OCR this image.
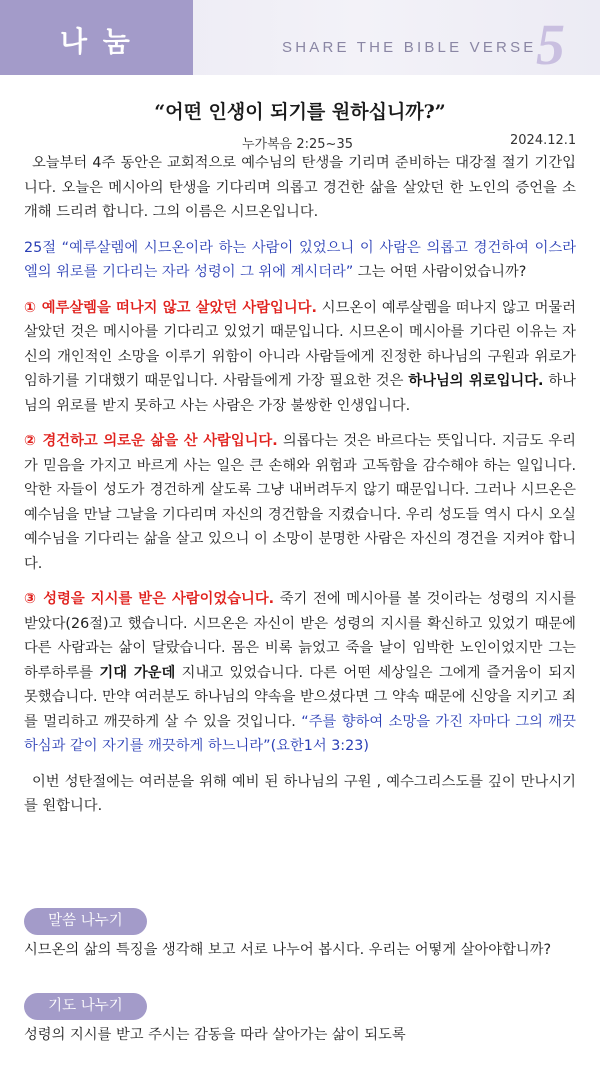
나 눔	SHARE THE BIBLE VERSE 5
“어떤 인생이 되기를 원하십니까?”
누가복음 2:25~35	2024.12.1

오늘부터 4주 동안은 교회적으로 예수님의 탄생을 기리며 준비하는 대강절 절기 기간입니다. 오늘은 메시아의 탄생을 기다리며 의롭고 경건한 삶을 살았던 한 노인의 증언을 소개해 드리려 합니다. 그의 이름은 시므온입니다.

25절 “예루살렘에 시므온이라 하는 사람이 있었으니 이 사람은 의롭고 경건하여 이스라엘의 위로를 기다리는 자라 성령이 그 위에 계시더라” 그는 어떤 사람이었습니까?

① 예루살렘을 떠나지 않고 살았던 사람입니다. 시므온이 예루살렘을 떠나지 않고 머물러 살았던 것은 메시아를 기다리고 있었기 때문입니다. 시므온이 메시아를 기다린 이유는 자신의 개인적인 소망을 이루기 위함이 아니라 사람들에게 진정한 하나님의 구원과 위로가 임하기를 기대했기 때문입니다. 사람들에게 가장 필요한 것은 하나님의 위로입니다. 하나님의 위로를 받지 못하고 사는 사람은 가장 불쌍한 인생입니다.

② 경건하고 의로운 삶을 산 사람입니다. 의롭다는 것은 바르다는 뜻입니다. 지금도 우리가 믿음을 가지고 바르게 사는 일은 큰 손해와 위험과 고독함을 감수해야 하는 일입니다. 악한 자들이 성도가 경건하게 살도록 그냥 내버려두지 않기 때문입니다. 그러나 시므온은 예수님을 만날 그날을 기다리며 자신의 경건함을 지켰습니다. 우리 성도들 역시 다시 오실 예수님을 기다리는 삶을 살고 있으니 이 소망이 분명한 사람은 자신의 경건을 지켜야 합니다.

③ 성령을 지시를 받은 사람이었습니다. 죽기 전에 메시아를 볼 것이라는 성령의 지시를 받았다(26절)고 했습니다. 시므온은 자신이 받은 성령의 지시를 확신하고 있었기 때문에 다른 사람과는 삶이 달랐습니다. 몸은 비록 늙었고 죽을 날이 임박한 노인이었지만 그는 하루하루를 기대 가운데 지내고 있었습니다. 다른 어떤 세상일은 그에게 즐거움이 되지 못했습니다. 만약 여러분도 하나님의 약속을 받으셨다면 그 약속 때문에 신앙을 지키고 죄를 멀리하고 깨끗하게 살 수 있을 것입니다. “주를 향하여 소망을 가진 자마다 그의 깨끗하심과 같이 자기를 깨끗하게 하느니라”(요한1서 3:23)

이번 성탄절에는 여러분을 위해 예비 된 하나님의 구원 , 예수그리스도를 깊이 만나시기를 원합니다.

말씀 나누기
시므온의 삶의 특징을 생각해 보고 서로 나누어 봅시다. 우리는 어떻게 살아야합니까?
기도 나누기
성령의 지시를 받고 주시는 감동을 따라 살아가는 삶이 되도록
